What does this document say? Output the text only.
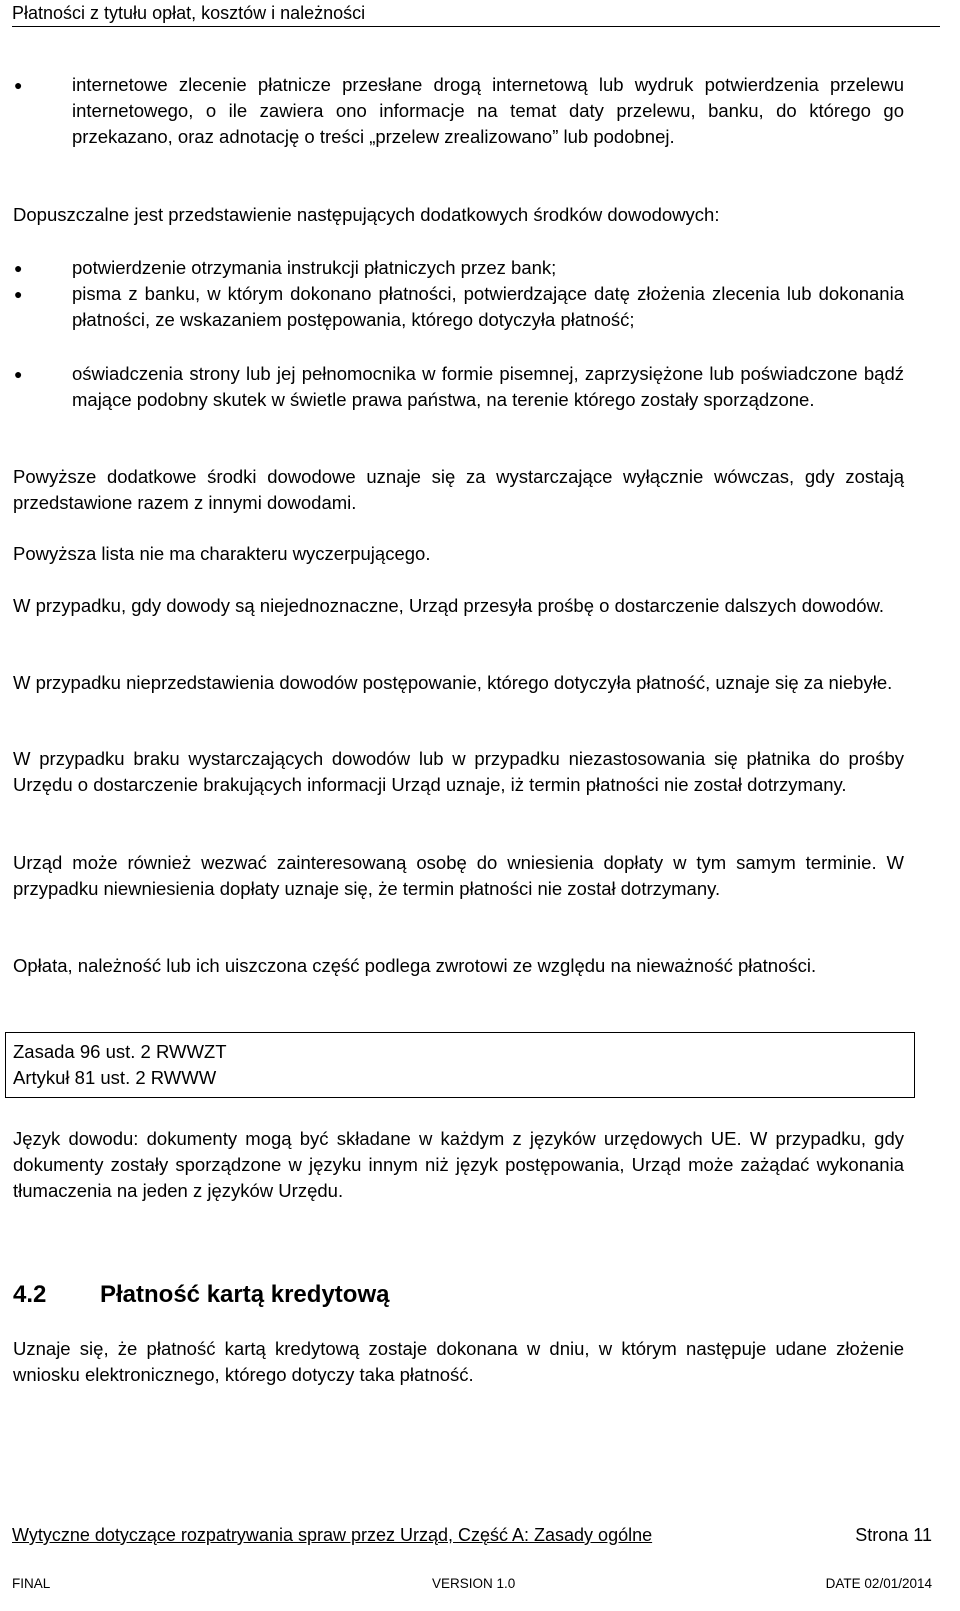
Płatności z tytułu opłat, kosztów i należności
●	internetowe zlecenie płatnicze przesłane drogą internetową lub wydruk potwierdzenia przelewu internetowego, o ile zawiera ono informacje na temat daty przelewu, banku, do którego go przekazano, oraz adnotację o treści „przelew zrealizowano” lub podobnej.

Dopuszczalne jest przedstawienie następujących dodatkowych środków dowodowych:

●	potwierdzenie otrzymania instrukcji płatniczych przez bank;
●	pisma z banku, w którym dokonano płatności, potwierdzające datę złożenia zlecenia lub dokonania płatności, ze wskazaniem postępowania, którego dotyczyła płatność;
●	oświadczenia strony lub jej pełnomocnika w formie pisemnej, zaprzysiężone lub poświadczone bądź mające podobny skutek w świetle prawa państwa, na terenie którego zostały sporządzone.

Powyższe dodatkowe środki dowodowe uznaje się za wystarczające wyłącznie wówczas, gdy zostają przedstawione razem z innymi dowodami.

Powyższa lista nie ma charakteru wyczerpującego.

W przypadku, gdy dowody są niejednoznaczne, Urząd przesyła prośbę o dostarczenie dalszych dowodów.

W przypadku nieprzedstawienia dowodów postępowanie, którego dotyczyła płatność, uznaje się za niebyłe.

W przypadku braku wystarczających dowodów lub w przypadku niezastosowania się płatnika do prośby Urzędu o dostarczenie brakujących informacji Urząd uznaje, iż termin płatności nie został dotrzymany.

Urząd może również wezwać zainteresowaną osobę do wniesienia dopłaty w tym samym terminie. W przypadku niewniesienia dopłaty uznaje się, że termin płatności nie został dotrzymany.

Opłata, należność lub ich uiszczona część podlega zwrotowi ze względu na nieważność płatności.

Zasada 96 ust. 2 RWWZT
Artykuł 81 ust. 2 RWWW

Język dowodu: dokumenty mogą być składane w każdym z języków urzędowych UE. W przypadku, gdy dokumenty zostały sporządzone w języku innym niż język postępowania, Urząd może zażądać wykonania tłumaczenia na jeden z języków Urzędu.

4.2 Płatność kartą kredytową

Uznaje się, że płatność kartą kredytową zostaje dokonana w dniu, w którym następuje udane złożenie wniosku elektronicznego, którego dotyczy taka płatność.

Wytyczne dotyczące rozpatrywania spraw przez Urząd, Część A: Zasady ogólne	Strona 11
FINAL	VERSION 1.0	DATE 02/01/2014
